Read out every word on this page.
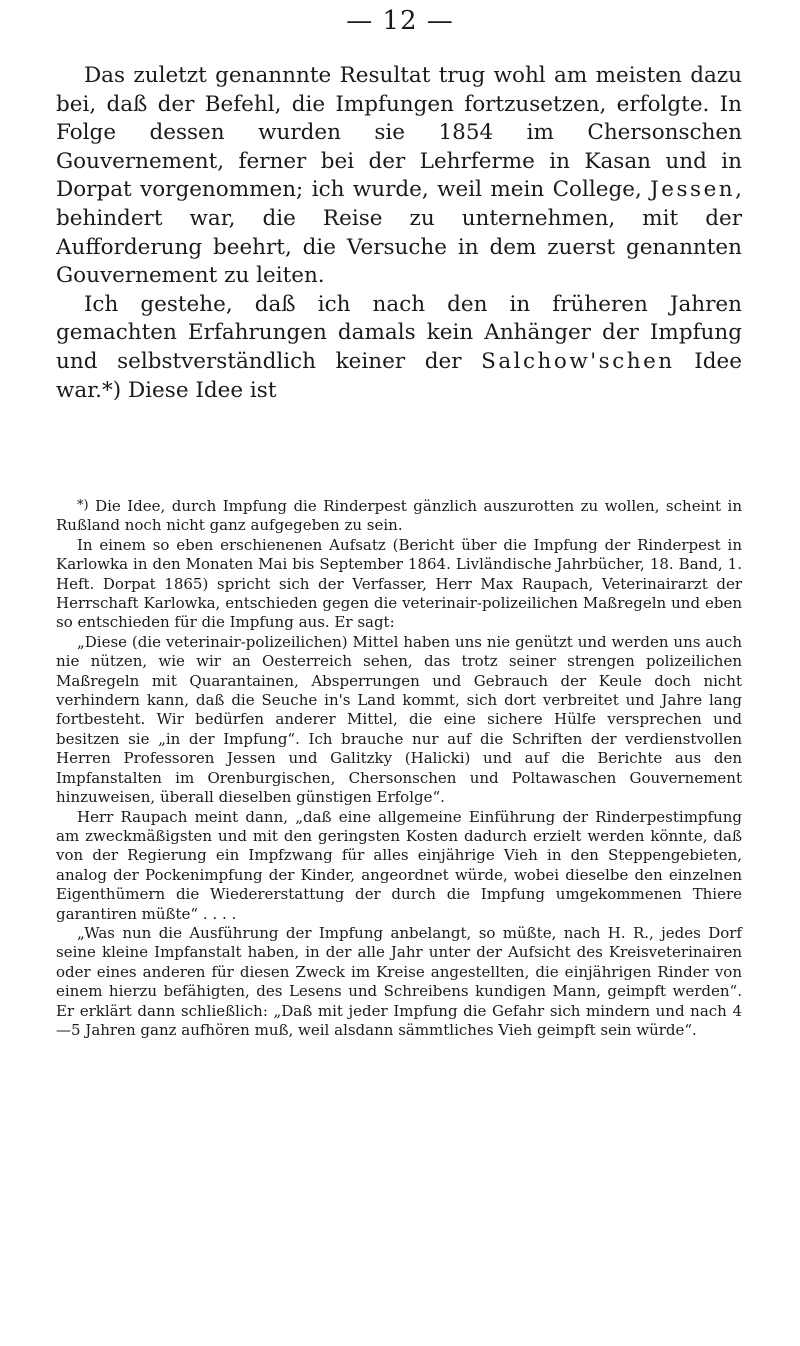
— 12 —

Das zuletzt genannnte Resultat trug wohl am meisten dazu bei, daß der Befehl, die Impfungen fortzusetzen, erfolgte. In Folge dessen wurden sie 1854 im Chersonschen Gouvernement, ferner bei der Lehrferme in Kasan und in Dorpat vorgenommen; ich wurde, weil mein College, Jessen, behindert war, die Reise zu unternehmen, mit der Aufforderung beehrt, die Versuche in dem zuerst genannten Gouvernement zu leiten.

Ich gestehe, daß ich nach den in früheren Jahren gemachten Erfahrungen damals kein Anhänger der Impfung und selbstverständlich keiner der Salchow'schen Idee war.*) Diese Idee ist

*) Die Idee, durch Impfung die Rinderpest gänzlich auszurotten zu wollen, scheint in Rußland noch nicht ganz aufgegeben zu sein.

In einem so eben erschienenen Aufsatz (Bericht über die Impfung der Rinderpest in Karlowka in den Monaten Mai bis September 1864. Livländische Jahrbücher, 18. Band, 1. Heft. Dorpat 1865) spricht sich der Verfasser, Herr Max Raupach, Veterinairarzt der Herrschaft Karlowka, entschieden gegen die veterinair-polizeilichen Maßregeln und eben so entschieden für die Impfung aus. Er sagt:

„Diese (die veterinair-polizeilichen) Mittel haben uns nie genützt und werden uns auch nie nützen, wie wir an Oesterreich sehen, das trotz seiner strengen polizeilichen Maßregeln mit Quarantainen, Absperrungen und Gebrauch der Keule doch nicht verhindern kann, daß die Seuche in's Land kommt, sich dort verbreitet und Jahre lang fortbesteht. Wir bedürfen anderer Mittel, die eine sichere Hülfe versprechen und besitzen sie „in der Impfung“. Ich brauche nur auf die Schriften der verdienstvollen Herren Professoren Jessen und Galitzky (Halicki) und auf die Berichte aus den Impfanstalten im Orenburgischen, Chersonschen und Poltawaschen Gouvernement hinzuweisen, überall dieselben günstigen Erfolge“.

Herr Raupach meint dann, „daß eine allgemeine Einführung der Rinderpestimpfung am zweckmäßigsten und mit den geringsten Kosten dadurch erzielt werden könnte, daß von der Regierung ein Impfzwang für alles einjährige Vieh in den Steppengebieten, analog der Pockenimpfung der Kinder, angeordnet würde, wobei dieselbe den einzelnen Eigenthümern die Wiedererstattung der durch die Impfung umgekommenen Thiere garantiren müßte“ . . . .

„Was nun die Ausführung der Impfung anbelangt, so müßte, nach H. R., jedes Dorf seine kleine Impfanstalt haben, in der alle Jahr unter der Aufsicht des Kreisveterinairen oder eines anderen für diesen Zweck im Kreise angestellten, die einjährigen Rinder von einem hierzu befähigten, des Lesens und Schreibens kundigen Mann, geimpft werden“. Er erklärt dann schließlich: „Daß mit jeder Impfung die Gefahr sich mindern und nach 4—5 Jahren ganz aufhören muß, weil alsdann sämmtliches Vieh geimpft sein würde“.
